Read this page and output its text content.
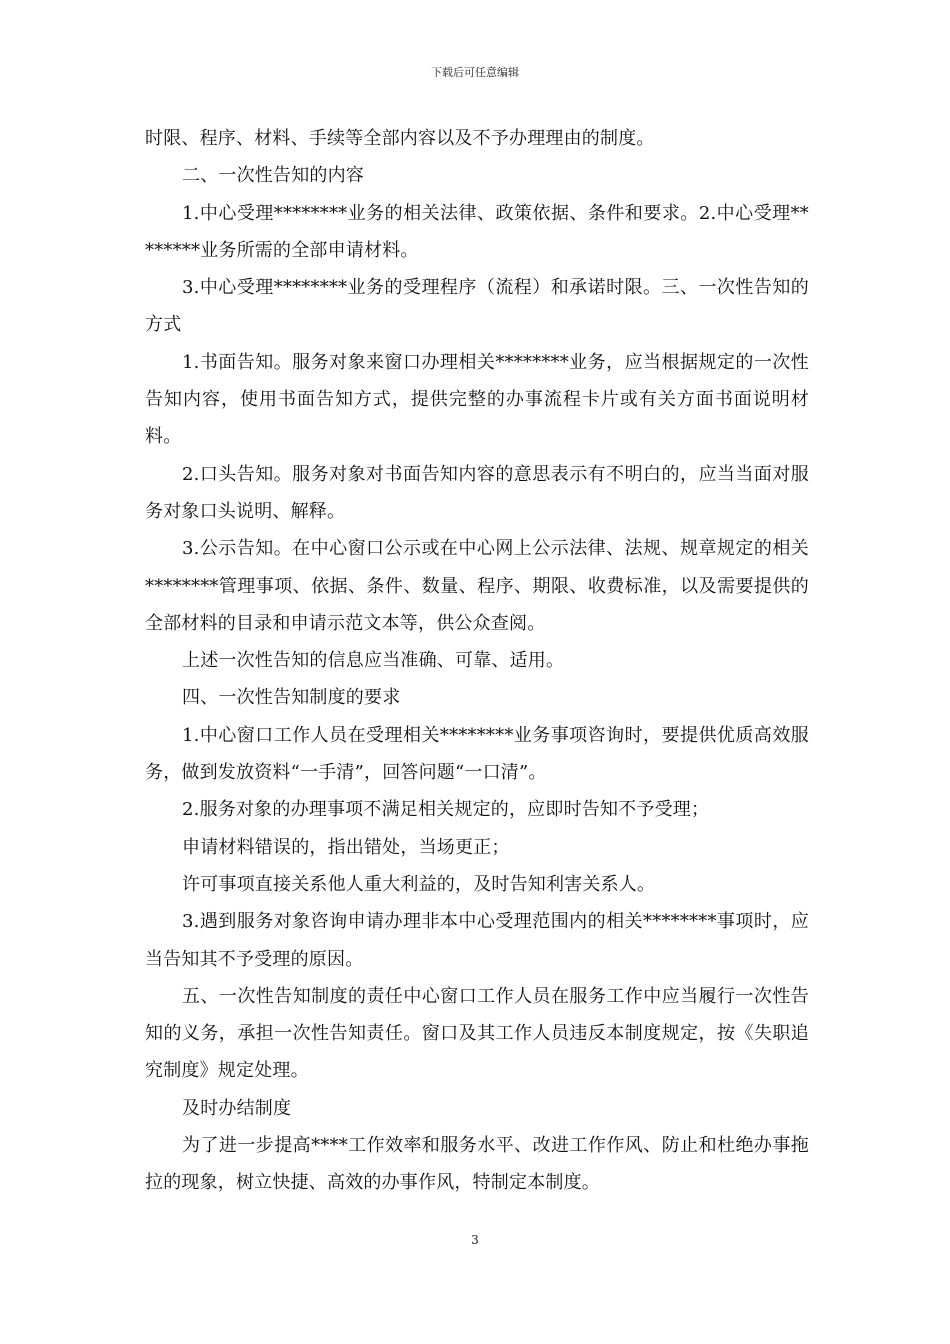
下载后可任意编辑

时限、程序、材料、手续等全部内容以及不予办理理由的制度。

二、一次性告知的内容

1.中心受理********业务的相关法律、政策依据、条件和要求。2.中心受理********业务所需的全部申请材料。

3.中心受理********业务的受理程序（流程）和承诺时限。三、一次性告知的方式

1.书面告知。服务对象来窗口办理相关********业务，应当根据规定的一次性告知内容，使用书面告知方式，提供完整的办事流程卡片或有关方面书面说明材料。

2.口头告知。服务对象对书面告知内容的意思表示有不明白的，应当当面对服务对象口头说明、解释。

3.公示告知。在中心窗口公示或在中心网上公示法律、法规、规章规定的相关********管理事项、依据、条件、数量、程序、期限、收费标准，以及需要提供的全部材料的目录和申请示范文本等，供公众查阅。

上述一次性告知的信息应当准确、可靠、适用。

四、一次性告知制度的要求

1.中心窗口工作人员在受理相关********业务事项咨询时，要提供优质高效服务，做到发放资料“一手清”，回答问题“一口清”。

2.服务对象的办理事项不满足相关规定的，应即时告知不予受理；

申请材料错误的，指出错处，当场更正；

许可事项直接关系他人重大利益的，及时告知利害关系人。

3.遇到服务对象咨询申请办理非本中心受理范围内的相关********事项时，应当告知其不予受理的原因。

五、一次性告知制度的责任中心窗口工作人员在服务工作中应当履行一次性告知的义务，承担一次性告知责任。窗口及其工作人员违反本制度规定，按《失职追究制度》规定处理。

及时办结制度

为了进一步提高****工作效率和服务水平、改进工作作风、防止和杜绝办事拖拉的现象，树立快捷、高效的办事作风，特制定本制度。

3
